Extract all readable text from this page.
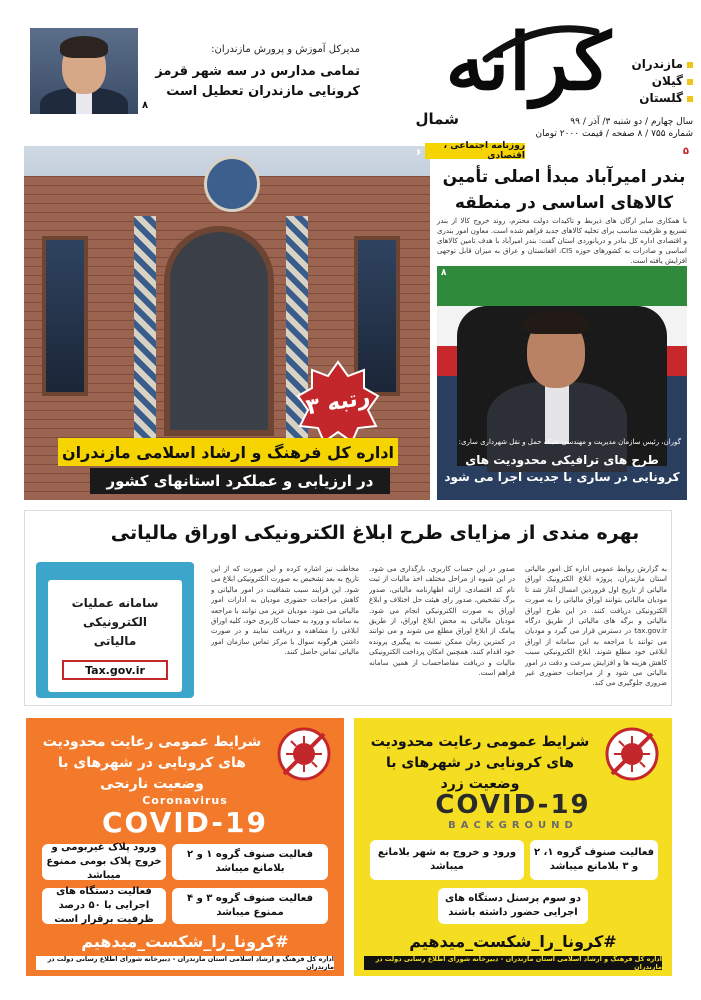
کرانه
شمال
مازندران
گیلان
گلستان
سال چهارم / دو شنبه ۳/ آذر / ۹۹
شماره ۷۵۵ / ۸ صفحه / قیمت ۲۰۰۰ تومان
۸
مدیرکل آموزش و پرورش مازندران:
تمامی مدارس در سه شهر قرمز کرونایی مازندران تعطیل است
۶
رتبه ۳
اداره کل فرهنگ و ارشاد اسلامی مازندران
در ارزیابی و عملکرد استانهای کشور
۵
روزنامه اجتماعی ، اقتصادی
بندر امیرآباد مبدأ اصلی تأمین کالاهای اساسی در منطقه
با همکاری سایر ارگان های ذیربط و تاکیدات دولت محترم، روند خروج کالا از بندر تسریع و ظرفیت مناسب برای تخلیه کالاهای جدید فراهم شده است. معاون امور بندری و اقتصادی اداره کل بنادر و دریانوردی استان گفت: بندر امیرآباد با هدف تامین کالاهای اساسی و صادرات به کشورهای حوزه CIS، افغانستان و عراق به میزان قابل توجهی افزایش یافته است.
۸
گوران، رئیس سازمان مدیریت و مهندسی شبکه حمل و نقل شهرداری ساری:
طرح های ترافیکی محدودیت های کرونایی در ساری با جدیت اجرا می شود
بهره مندی از مزایای طرح ابلاغ الکترونیکی اوراق مالیاتی
به گزارش روابط عمومی اداره کل امور مالیاتی استان مازندران، پروژه ابلاغ الکترونیک اوراق مالیاتی از تاریخ اول فروردین امسال آغاز شد تا مودیان مالیاتی بتوانند اوراق مالیاتی را به صورت الکترونیکی دریافت کنند. در این طرح اوراق مالیاتی و برگه های مالیاتی از طریق درگاه tax.gov.ir در دسترس قرار می گیرد و مودیان می توانند با مراجعه به این سامانه از اوراق ابلاغی خود مطلع شوند. ابلاغ الکترونیکی سبب کاهش هزینه ها و افزایش سرعت و دقت در امور مالیاتی می شود و از مراجعات حضوری غیر ضروری جلوگیری می کند.
صدور در این حساب کاربری، بارگذاری می شود. در این شیوه از مراحل مختلف اخذ مالیات از ثبت نام کد اقتصادی، ارائه اظهارنامه مالیاتی، صدور برگ تشخیص، صدور رای هیئت حل اختلاف و ابلاغ اوراق به صورت الکترونیکی انجام می شود. مودیان مالیاتی به محض ابلاغ اوراق، از طریق پیامک از ابلاغ اوراق مطلع می شوند و می توانند در کمترین زمان ممکن نسبت به پیگیری پرونده خود اقدام کنند. همچنین امکان پرداخت الکترونیکی مالیات و دریافت مفاصاحساب از همین سامانه فراهم است.
مخاطب نیز اشاره کرده و این صورت که از این تاریخ به بعد تشخیص به صورت الکترونیکی ابلاغ می شود. این فرایند سبب شفافیت در امور مالیاتی و کاهش مراجعات حضوری مودیان به ادارات امور مالیاتی می شود. مودیان عزیز می توانند با مراجعه به سامانه و ورود به حساب کاربری خود، کلیه اوراق ابلاغی را مشاهده و دریافت نمایند و در صورت داشتن هرگونه سوال با مرکز تماس سازمان امور مالیاتی تماس حاصل کنند.
سامانه عملیات
الکترونیکی
مالیاتی
Tax.gov.ir
شرایط عمومی رعایت محدودیت های کرونایی در شهرهای با وضعیت نارنجی
Coronavirus
COVID-19
فعالیت صنوف گروه ۱ و ۲ بلامانع میباشد
ورود پلاک غیربومی و خروج پلاک بومی ممنوع میباشد
فعالیت صنوف گروه ۳ و ۴ ممنوع میباشد
فعالیت دستگاه های اجرایی با ۵۰ درصد ظرفیت برقرار است
#کرونا_را_شکست_میدهیم
اداره کل فرهنگ و ارشاد اسلامی استان مازندران - دبیرخانه شورای اطلاع رسانی دولت در مازندران
شرایط عمومی رعایت محدودیت های کرونایی در شهرهای با وضعیت زرد
COVID-19
BACKGROUND
فعالیت صنوف گروه ۱، ۲ و ۳ بلامانع میباشد
ورود و خروج به شهر بلامانع میباشد
دو سوم پرسنل دستگاه های اجرایی حضور داشته باشند
#کرونا_را_شکست_میدهیم
اداره کل فرهنگ و ارشاد اسلامی استان مازندران - دبیرخانه شورای اطلاع رسانی دولت در مازندران
